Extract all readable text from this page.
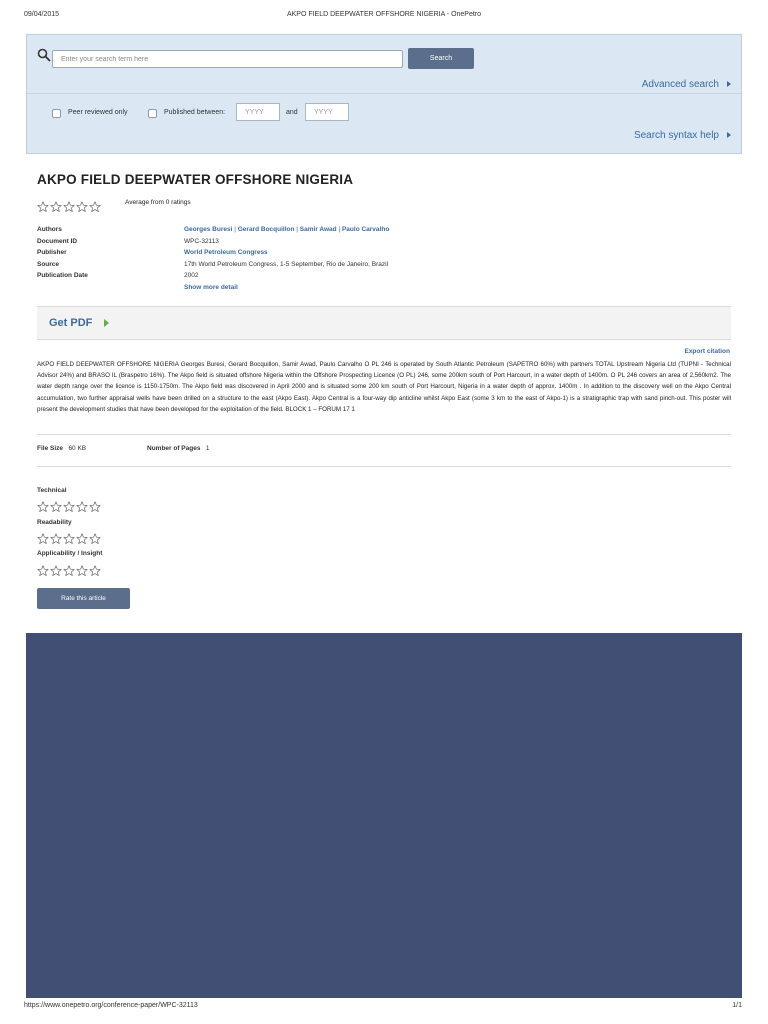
09/04/2015	AKPO FIELD DEEPWATER OFFSHORE NIGERIA - OnePetro
Enter your search term here
Search
Advanced search
Peer reviewed only	Published between:
YYYY	and
YYYY
Search syntax help
AKPO FIELD DEEPWATER OFFSHORE NIGERIA
Average from 0 ratings
Authors	Georges Buresi | Gerard Bocquillon | Samir Awad | Paulo Carvalho
Document ID	WPC-32113
Publisher	World Petroleum Congress
Source	17th World Petroleum Congress, 1-5 September, Rio de Janeiro, Brazil
Publication Date	2002
Show more detail
Get PDF
Export citation

AKPO FIELD DEEPWATER OFFSHORE NIGERIA Georges Buresi, Gerard Bocquillon, Samir Awad, Paulo Carvalho O PL 246 is operated by South Atlantic Petroleum (SAPETRO 60%) with partners TOTAL Upstream Nigeria Ltd (TUPNI - Technical Advisor 24%) and BRASO IL (Braspetro 16%). The Akpo field is situated offshore Nigeria within the Offshore Prospecting Licence (O PL) 246, some 200km south of Port Harcourt, in a water depth of 1400m. O PL 246 covers an area of 2,560km2. The water depth range over the licence is 1150-1750m. The Akpo field was discovered in April 2000 and is situated some 200 km south of Port Harcourt, Nigeria in a water depth of approx. 1400m . In addition to the discovery well on the Akpo Central accumulation, two further appraisal wells have been drilled on a structure to the east (Akpo East). Akpo Central is a four-way dip anticline whilst Akpo East (some 3 km to the east of Akpo-1) is a stratigraphic trap with sand pinch-out. This poster will present the development studies that have been developed for the exploitation of the field. BLOCK 1 – FORUM 17 1

File Size 60 KB	Number of Pages 1
Technical
Readability
Applicability / Insight
Rate this article
https://www.onepetro.org/conference-paper/WPC-32113	1/1
